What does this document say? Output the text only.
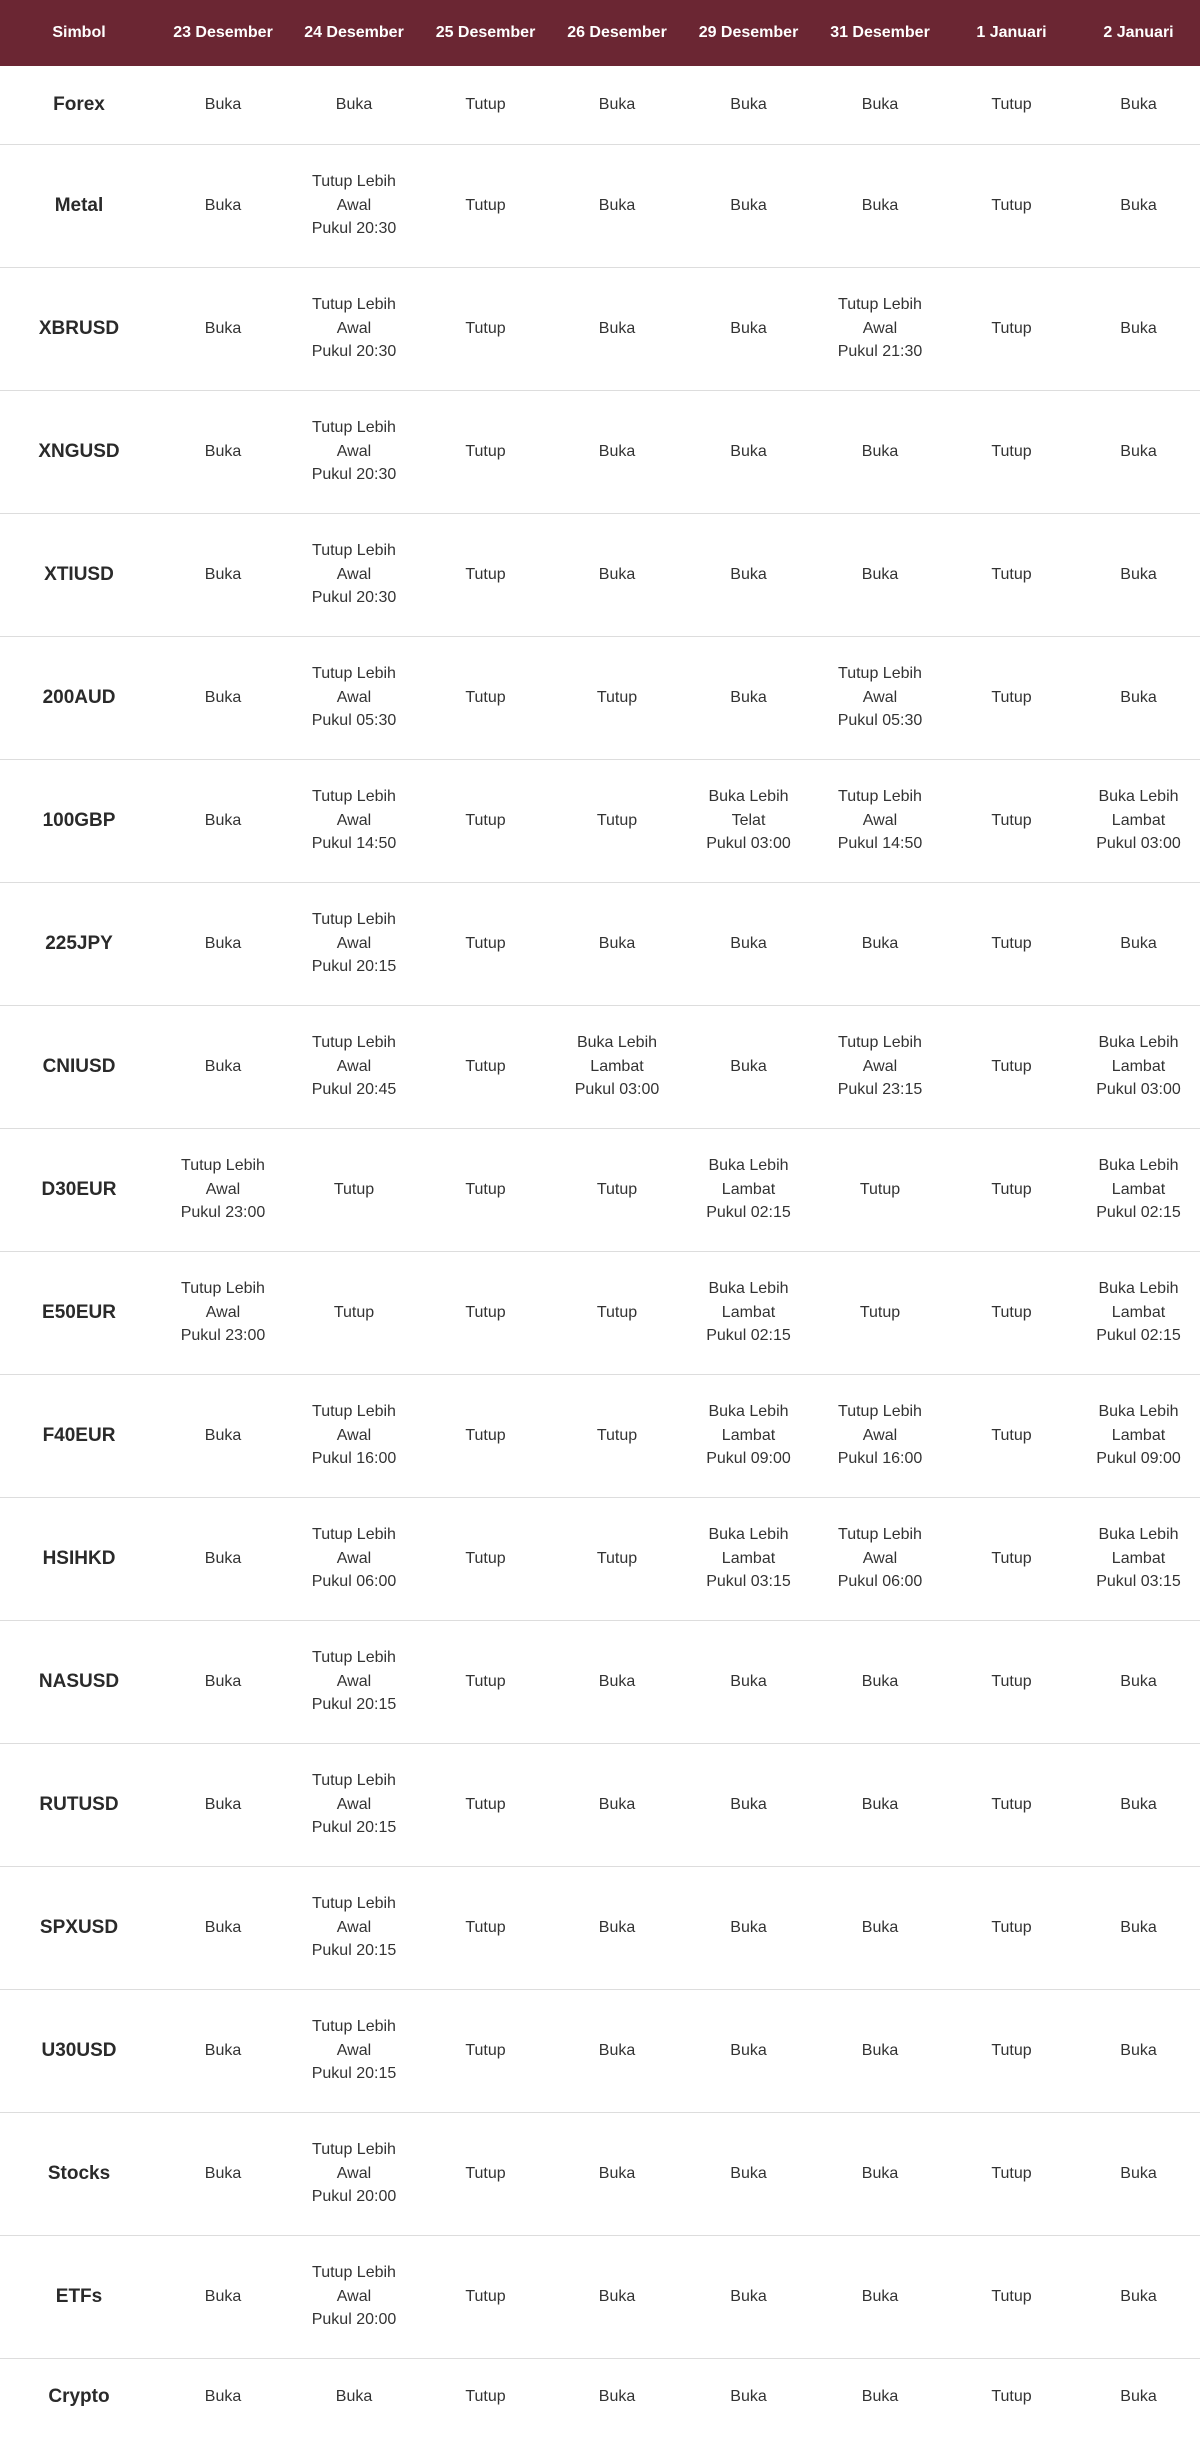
Simbol	23 Desember	24 Desember	25 Desember	26 Desember	29 Desember	31 Desember	1 Januari	2 Januari
Forex	Buka	Buka	Tutup	Buka	Buka	Buka	Tutup	Buka
Metal	Buka	Tutup Lebih
Awal
Pukul 20:30	Tutup	Buka	Buka	Buka	Tutup	Buka
XBRUSD	Buka	Tutup Lebih
Awal
Pukul 20:30	Tutup	Buka	Buka	Tutup Lebih
Awal
Pukul 21:30	Tutup	Buka
XNGUSD	Buka	Tutup Lebih
Awal
Pukul 20:30	Tutup	Buka	Buka	Buka	Tutup	Buka
XTIUSD	Buka	Tutup Lebih
Awal
Pukul 20:30	Tutup	Buka	Buka	Buka	Tutup	Buka
200AUD	Buka	Tutup Lebih
Awal
Pukul 05:30	Tutup	Tutup	Buka	Tutup Lebih
Awal
Pukul 05:30	Tutup	Buka
100GBP	Buka	Tutup Lebih
Awal
Pukul 14:50	Tutup	Tutup	Buka Lebih
Telat
Pukul 03:00	Tutup Lebih
Awal
Pukul 14:50	Tutup	Buka Lebih
Lambat
Pukul 03:00
225JPY	Buka	Tutup Lebih
Awal
Pukul 20:15	Tutup	Buka	Buka	Buka	Tutup	Buka
CNIUSD	Buka	Tutup Lebih
Awal
Pukul 20:45	Tutup	Buka Lebih
Lambat
Pukul 03:00	Buka	Tutup Lebih
Awal
Pukul 23:15	Tutup	Buka Lebih
Lambat
Pukul 03:00
D30EUR	Tutup Lebih
Awal
Pukul 23:00	Tutup	Tutup	Tutup	Buka Lebih
Lambat
Pukul 02:15	Tutup	Tutup	Buka Lebih
Lambat
Pukul 02:15
E50EUR	Tutup Lebih
Awal
Pukul 23:00	Tutup	Tutup	Tutup	Buka Lebih
Lambat
Pukul 02:15	Tutup	Tutup	Buka Lebih
Lambat
Pukul 02:15
F40EUR	Buka	Tutup Lebih
Awal
Pukul 16:00	Tutup	Tutup	Buka Lebih
Lambat
Pukul 09:00	Tutup Lebih
Awal
Pukul 16:00	Tutup	Buka Lebih
Lambat
Pukul 09:00
HSIHKD	Buka	Tutup Lebih
Awal
Pukul 06:00	Tutup	Tutup	Buka Lebih
Lambat
Pukul 03:15	Tutup Lebih
Awal
Pukul 06:00	Tutup	Buka Lebih
Lambat
Pukul 03:15
NASUSD	Buka	Tutup Lebih
Awal
Pukul 20:15	Tutup	Buka	Buka	Buka	Tutup	Buka
RUTUSD	Buka	Tutup Lebih
Awal
Pukul 20:15	Tutup	Buka	Buka	Buka	Tutup	Buka
SPXUSD	Buka	Tutup Lebih
Awal
Pukul 20:15	Tutup	Buka	Buka	Buka	Tutup	Buka
U30USD	Buka	Tutup Lebih
Awal
Pukul 20:15	Tutup	Buka	Buka	Buka	Tutup	Buka
Stocks	Buka	Tutup Lebih
Awal
Pukul 20:00	Tutup	Buka	Buka	Buka	Tutup	Buka
ETFs	Buka	Tutup Lebih
Awal
Pukul 20:00	Tutup	Buka	Buka	Buka	Tutup	Buka
Crypto	Buka	Buka	Tutup	Buka	Buka	Buka	Tutup	Buka
